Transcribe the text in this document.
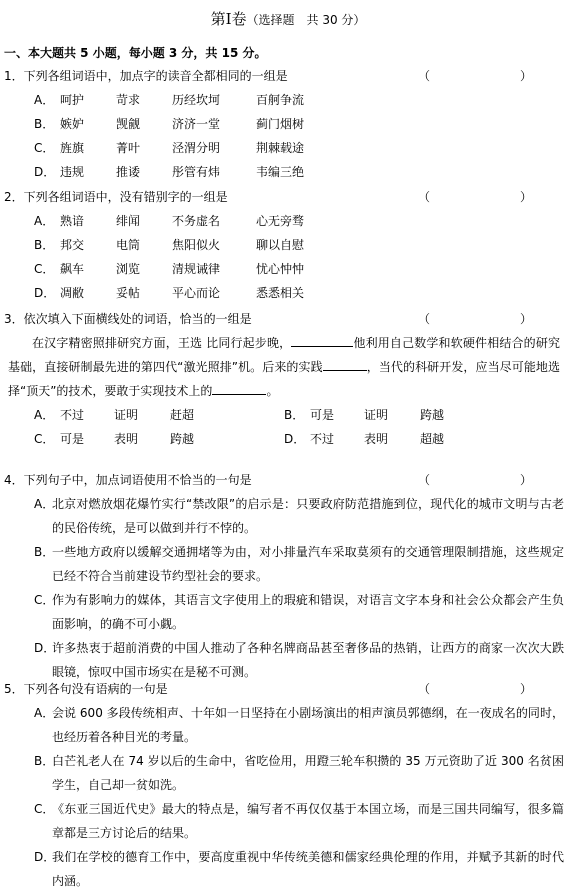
第Ⅰ卷（选择题　共 30 分）
一、本大题共 5 小题，每小题 3 分，共 15 分。
1．下列各组词语中，加点字的读音全都相同的一组是	（　　）
A． 呵护	苛求	历经坎坷	百舸争流
B． 嫉妒	觊觎	济济一堂	蓟门烟树
C． 旌旗	菁叶	泾渭分明	荆棘载途
D． 违规	推诿	彤管有炜	韦编三绝
2．下列各组词语中，没有错别字的一组是	（　　）
A． 熟谙	绯闻	不务虚名	心无旁骛
B． 邦交	电筒	焦阳似火	聊以自慰
C． 飙车	浏览	清规诫律	忧心忡忡
D． 凋敝	妥帖	平心而论	悉悉相关
3．依次填入下面横线处的词语，恰当的一组是	（　　）
在汉字精密照排研究方面，王选 比同行起步晚，	他利用自己数学和软硬件相结合的研究基础，直接研制最先进的第四代“激光照排”机。后来的实践	，当代的科研开发，应当尽可能地选择“顶天”的技术，要敢于实现技术上的	。
A． 不过 证明	赶超	B． 可是 证明	跨越
C． 可是 表明	跨越	D． 不过 表明	超越
4．下列句子中，加点词语使用不恰当的一句是	（　　）
A．
北京对燃放烟花爆竹实行“禁改限”的启示是：只要政府防范措施到位，现代化的城市文明与古老的民俗传统，是可以做到并行不悖的。
B．
一些地方政府以缓解交通拥堵等为由，对小排量汽车采取莫须有的交通管理限制措施，这些规定已经不符合当前建设节约型社会的要求。
C．
作为有影响力的媒体，其语言文字使用上的瑕疵和错误，对语言文字本身和社会公众都会产生负面影响，的确不可小觑。
D．
许多热衷于超前消费的中国人推动了各种名牌商品甚至奢侈品的热销，让西方的商家一次次大跌眼镜，惊叹中国市场实在是秘不可测。
5．下列各句没有语病的一句是	（　　）
A．
会说 600 多段传统相声、十年如一日坚持在小剧场演出的相声演员郭德纲，在一夜成名的同时，也经历着各种目光的考量。
B．
白芒礼老人在 74 岁以后的生命中，省吃俭用，用蹬三轮车积攒的 35 万元资助了近 300 名贫困学生，自己却一贫如洗。
C．
《东亚三国近代史》最大的特点是，编写者不再仅仅基于本国立场，而是三国共同编写，很多篇章都是三方讨论后的结果。
D．
我们在学校的德育工作中，要高度重视中华传统美德和儒家经典伦理的作用，并赋予其新的时代内涵。
